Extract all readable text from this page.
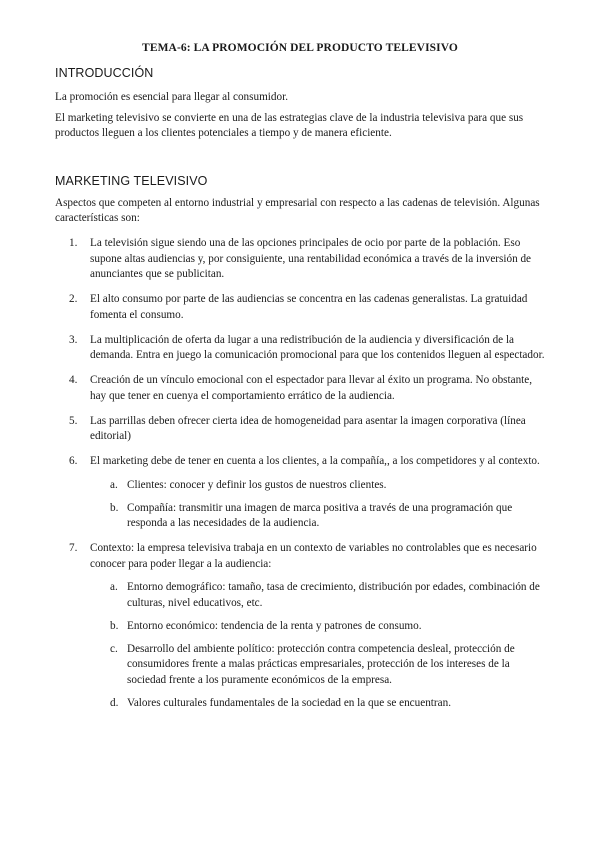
TEMA-6: LA PROMOCIÓN DEL PRODUCTO TELEVISIVO
INTRODUCCIÓN
La promoción es esencial para llegar al consumidor.
El marketing televisivo se convierte en una de las estrategias clave de la industria televisiva para que sus productos lleguen a los clientes potenciales a tiempo y de manera eficiente.
MARKETING TELEVISIVO
Aspectos que competen al entorno industrial y empresarial con respecto a las cadenas de televisión. Algunas características son:
1.	La televisión sigue siendo una de las opciones principales de ocio por parte de la población. Eso supone altas audiencias y, por consiguiente, una rentabilidad económica a través de la inversión de anunciantes que se publicitan.
2.	El alto consumo por parte de las audiencias se concentra en las cadenas generalistas. La gratuidad fomenta el consumo.
3.	La multiplicación de oferta da lugar a una redistribución de la audiencia y diversificación de la demanda. Entra en juego la comunicación promocional para que los contenidos lleguen al espectador.
4.	Creación de un vínculo emocional con el espectador para llevar al éxito un programa. No obstante, hay que tener en cuenya el comportamiento errático de la audiencia.
5.	Las parrillas deben ofrecer cierta idea de homogeneidad para asentar la imagen corporativa (línea editorial)
6.	El marketing debe de tener en cuenta a los clientes, a la compañía,, a los competidores y al contexto.
a. Clientes: conocer y definir los gustos de nuestros clientes.
b. Compañía: transmitir una imagen de marca positiva a través de una programación que responda a las necesidades de la audiencia.
7.	Contexto: la empresa televisiva trabaja en un contexto de variables no controlables que es necesario conocer para poder llegar a la audiencia:
a. Entorno demográfico: tamaño, tasa de crecimiento, distribución por edades, combinación de culturas, nivel educativos, etc.
b. Entorno económico: tendencia de la renta y patrones de consumo.
c. Desarrollo del ambiente político: protección contra competencia desleal, protección de consumidores frente a malas prácticas empresariales, protección de los intereses de la sociedad frente a los puramente económicos de la empresa.
d. Valores culturales fundamentales de la sociedad en la que se encuentran.
